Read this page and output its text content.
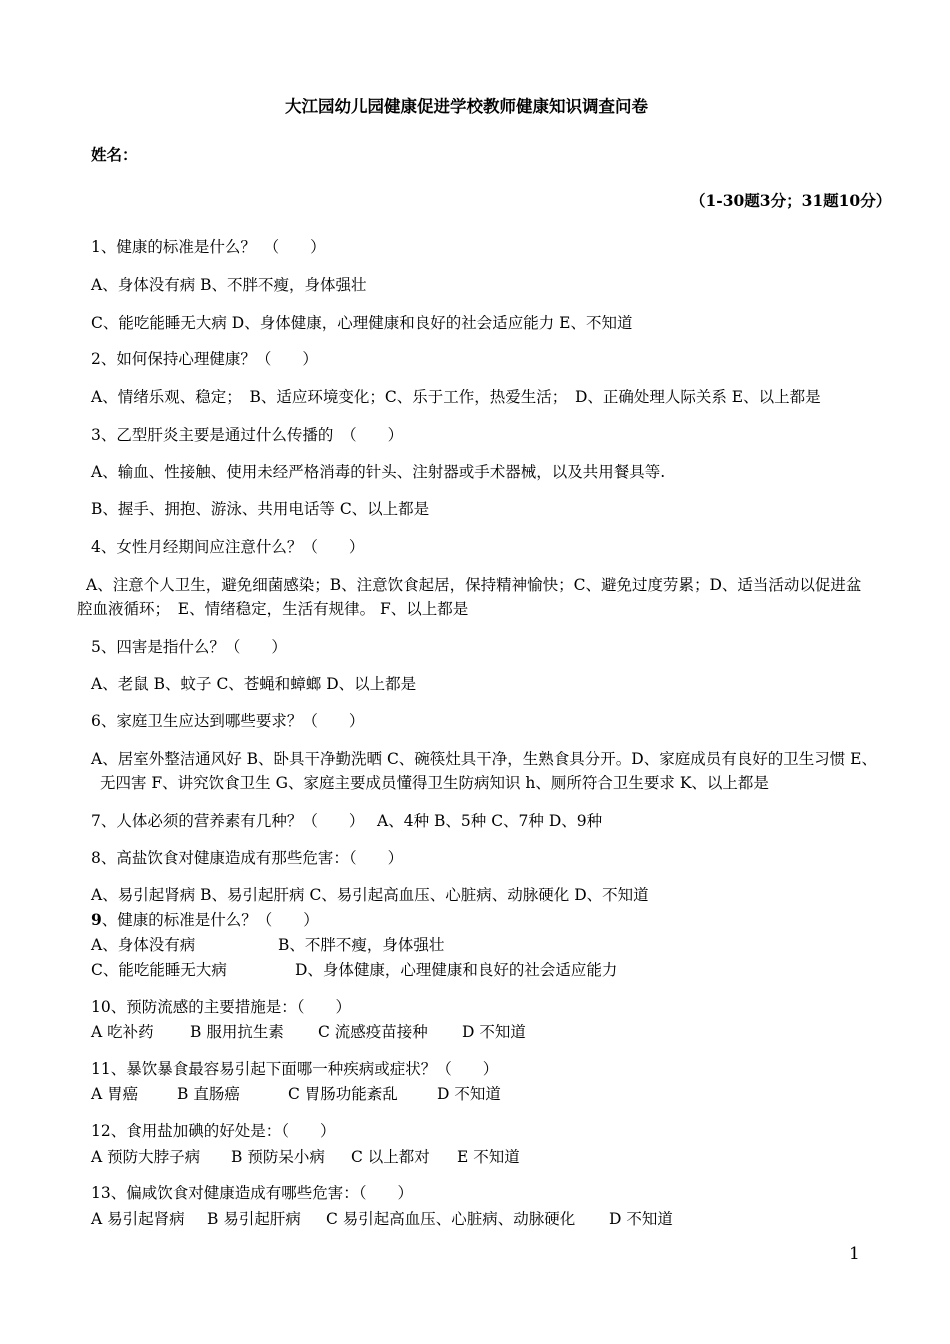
大江园幼儿园健康促进学校教师健康知识调查问卷
姓名：
（1-30题3分；31题10分）
1、健康的标准是什么？　（　　）
A、身体没有病 B、不胖不瘦，身体强壮
C、能吃能睡无大病 D、身体健康，心理健康和良好的社会适应能力 E、不知道
2、如何保持心理健康？（　　）
A、情绪乐观、稳定；　B、适应环境变化；C、乐于工作，热爱生活；　D、正确处理人际关系 E、以上都是
3、乙型肝炎主要是通过什么传播的　（　　）
A、输血、性接触、使用未经严格消毒的针头、注射器或手术器械，以及共用餐具等.
B、握手、拥抱、游泳、共用电话等 C、以上都是
4、女性月经期间应注意什么？（　　）
A、注意个人卫生，避免细菌感染；B、注意饮食起居，保持精神愉快；C、避免过度劳累；D、适当活动以促进盆
腔血液循环；　E、情绪稳定，生活有规律。 F、以上都是
5、四害是指什么？（　　）
A、老鼠 B、蚊子 C、苍蝇和蟑螂 D、以上都是
6、家庭卫生应达到哪些要求？（　　）
A、居室外整洁通风好 B、卧具干净勤洗晒 C、碗筷灶具干净，生熟食具分开。D、家庭成员有良好的卫生习惯 E、
无四害 F、讲究饮食卫生 G、家庭主要成员懂得卫生防病知识 h、厕所符合卫生要求 K、以上都是
7、人体必须的营养素有几种？（　　）　 A、4种 B、5种 C、7种 D、9种
8、高盐饮食对健康造成有那些危害：（　　）
A、易引起肾病 B、易引起肝病 C、易引起高血压、心脏病、动脉硬化 D、不知道
9、健康的标准是什么？（　　）
A、身体没有病	B、不胖不瘦，身体强壮
C、能吃能睡无大病	D、身体健康，心理健康和良好的社会适应能力
10、预防流感的主要措施是：（　　）
A 吃补药 B 服用抗生素 C 流感疫苗接种 D 不知道
11、暴饮暴食最容易引起下面哪一种疾病或症状？（　　）
A 胃癌	B 直肠癌	C 胃肠功能紊乱	D 不知道
12、食用盐加碘的好处是：（　　）
A 预防大脖子病 B 预防呆小病 C 以上都对 E 不知道
13、偏咸饮食对健康造成有哪些危害：（　　）
A 易引起肾病 B 易引起肝病 C 易引起高血压、心脏病、动脉硬化 D 不知道
1
